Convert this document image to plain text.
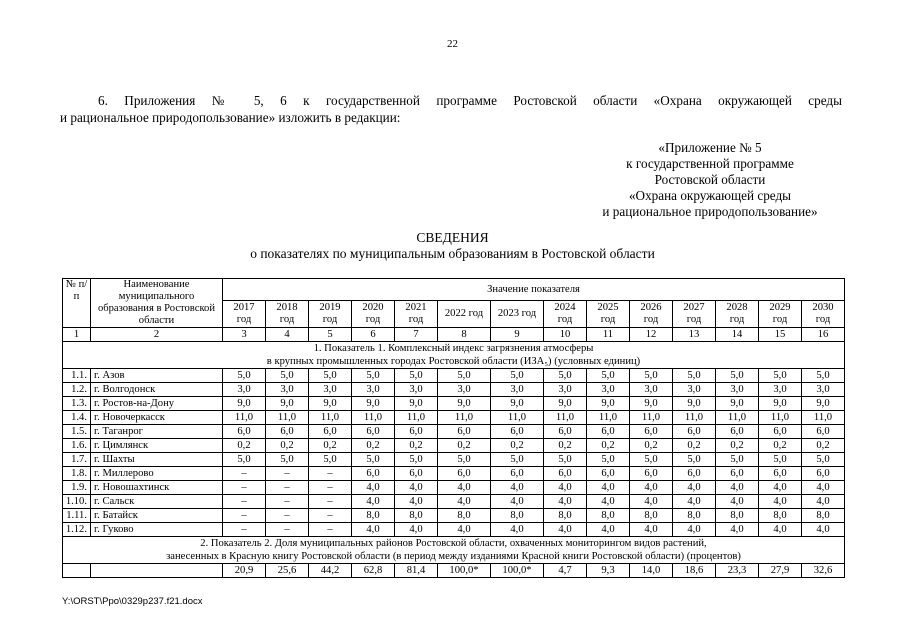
22
6. Приложения № 5, 6 к государственной программе Ростовской области «Охрана окружающей среды
и рациональное природопользование» изложить в редакции:
«Приложение № 5
к государственной программе
Ростовской области
«Охрана окружающей среды
и рациональное природопользование»
СВЕДЕНИЯ
о показателях по муниципальным образованиям в Ростовской области
№ п/п	Наименование муниципального образования в Ростовской области	Значение показателя													
		2017 год	2018 год	2019 год	2020 год	2021 год	2022 год	2023 год	2024 год	2025 год	2026 год	2027 год	2028 год	2029 год	2030 год
1	2	3	4	5	6	7	8	9	10	11	12	13	14	15	16

1. Показатель 1. Комплексный индекс загрязнения атмосферы
в крупных промышленных городах Ростовской области (ИЗА₅) (условных единиц)															

1.1.	г. Азов	5,0	5,0	5,0	5,0	5,0	5,0	5,0	5,0	5,0	5,0	5,0	5,0	5,0	5,0
1.2.	г. Волгодонск	3,0	3,0	3,0	3,0	3,0	3,0	3,0	3,0	3,0	3,0	3,0	3,0	3,0	3,0
1.3.	г. Ростов-на-Дону	9,0	9,0	9,0	9,0	9,0	9,0	9,0	9,0	9,0	9,0	9,0	9,0	9,0	9,0
1.4.	г. Новочеркасск	11,0	11,0	11,0	11,0	11,0	11,0	11,0	11,0	11,0	11,0	11,0	11,0	11,0	11,0
1.5.	г. Таганрог	6,0	6,0	6,0	6,0	6,0	6,0	6,0	6,0	6,0	6,0	6,0	6,0	6,0	6,0
1.6.	г. Цимлянск	0,2	0,2	0,2	0,2	0,2	0,2	0,2	0,2	0,2	0,2	0,2	0,2	0,2	0,2
1.7.	г. Шахты	5,0	5,0	5,0	5,0	5,0	5,0	5,0	5,0	5,0	5,0	5,0	5,0	5,0	5,0
1.8.	г. Миллерово	–	–	–	6,0	6,0	6,0	6,0	6,0	6,0	6,0	6,0	6,0	6,0	6,0
1.9.	г. Новошахтинск	–	–	–	4,0	4,0	4,0	4,0	4,0	4,0	4,0	4,0	4,0	4,0	4,0
1.10.	г. Сальск	–	–	–	4,0	4,0	4,0	4,0	4,0	4,0	4,0	4,0	4,0	4,0	4,0
1.11.	г. Батайск	–	–	–	8,0	8,0	8,0	8,0	8,0	8,0	8,0	8,0	8,0	8,0	8,0
1.12.	г. Гуково	–	–	–	4,0	4,0	4,0	4,0	4,0	4,0	4,0	4,0	4,0	4,0	4,0

2. Показатель 2. Доля муниципальных районов Ростовской области, охваченных мониторингом видов растений,
занесенных в Красную книгу Ростовской области (в период между изданиями Красной книги Ростовской области) (процентов)															

		20,9	25,6	44,2	62,8	81,4	100,0*	100,0*	4,7	9,3	14,0	18,6	23,3	27,9	32,6
Y:\ORST\Ppo\0329p237.f21.docx
